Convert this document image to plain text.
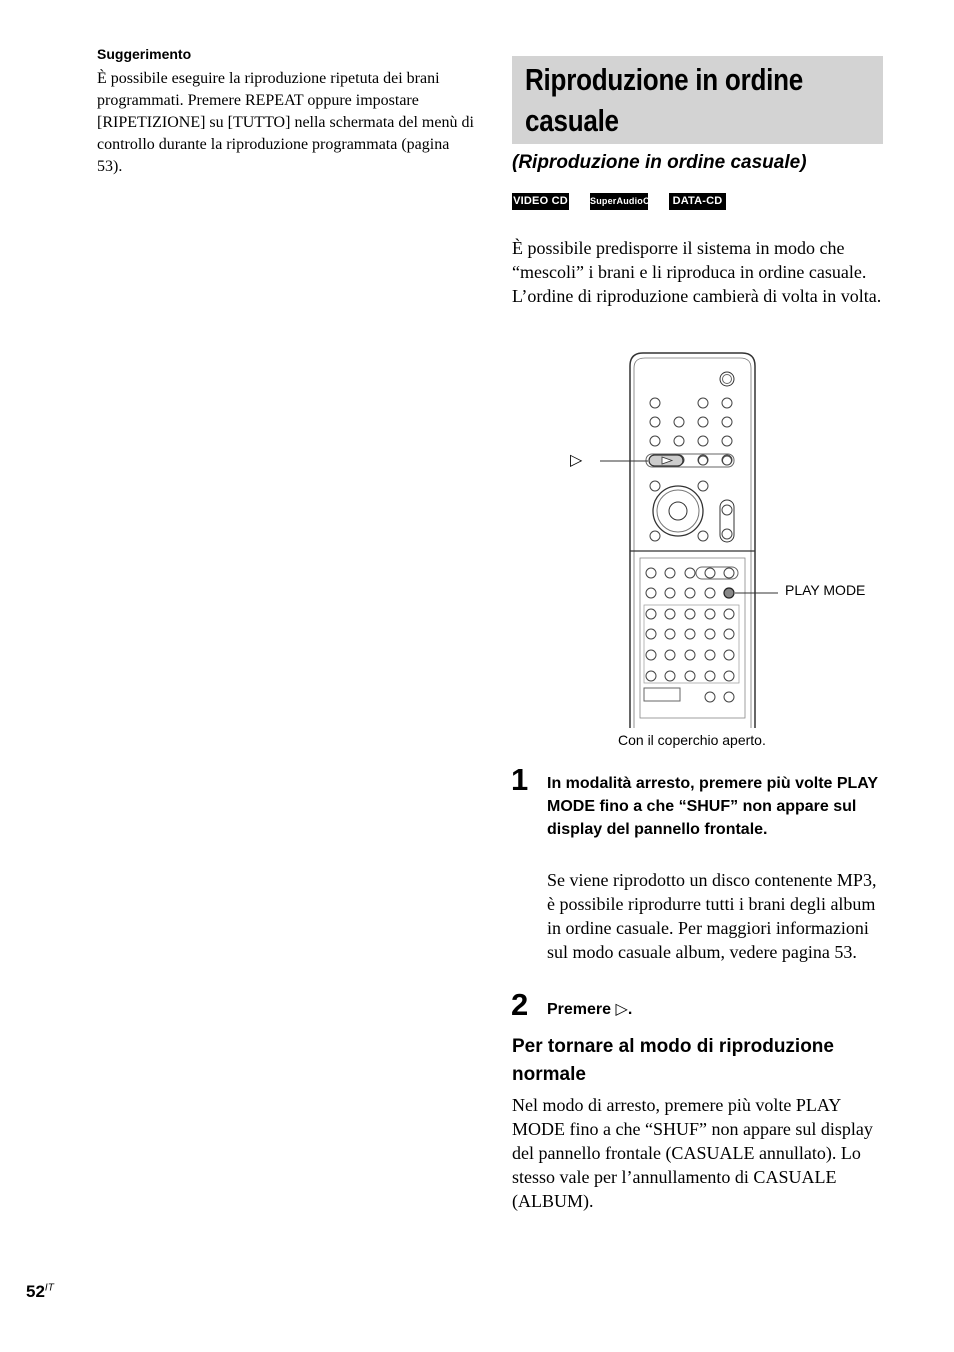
Suggerimento
È possibile eseguire la riproduzione ripetuta dei brani programmati. Premere REPEAT oppure impostare [RIPETIZIONE] su [TUTTO] nella schermata del menù di controllo durante la riproduzione programmata (pagina 53).
Riproduzione in ordine casuale
(Riproduzione in ordine casuale)
VIDEO CD SuperAudioCD	DATA-CD
È possibile predisporre il sistema in modo che “mescoli” i brani e li riproduca in ordine casuale. L’ordine di riproduzione cambierà di volta in volta.
▷
PLAY MODE
Con il coperchio aperto.
1 In modalità arresto, premere più volte PLAY MODE fino a che “SHUF” non appare sul display del pannello frontale.
Se viene riprodotto un disco contenente MP3, è possibile riprodurre tutti i brani degli album in ordine casuale. Per maggiori informazioni sul modo casuale album, vedere pagina 53.
2 Premere ▷.
Per tornare al modo di riproduzione normale
Nel modo di arresto, premere più volte PLAY MODE fino a che “SHUF” non appare sul display del pannello frontale (CASUALE annullato). Lo stesso vale per l’annullamento di CASUALE (ALBUM).
$52^{IT}$
